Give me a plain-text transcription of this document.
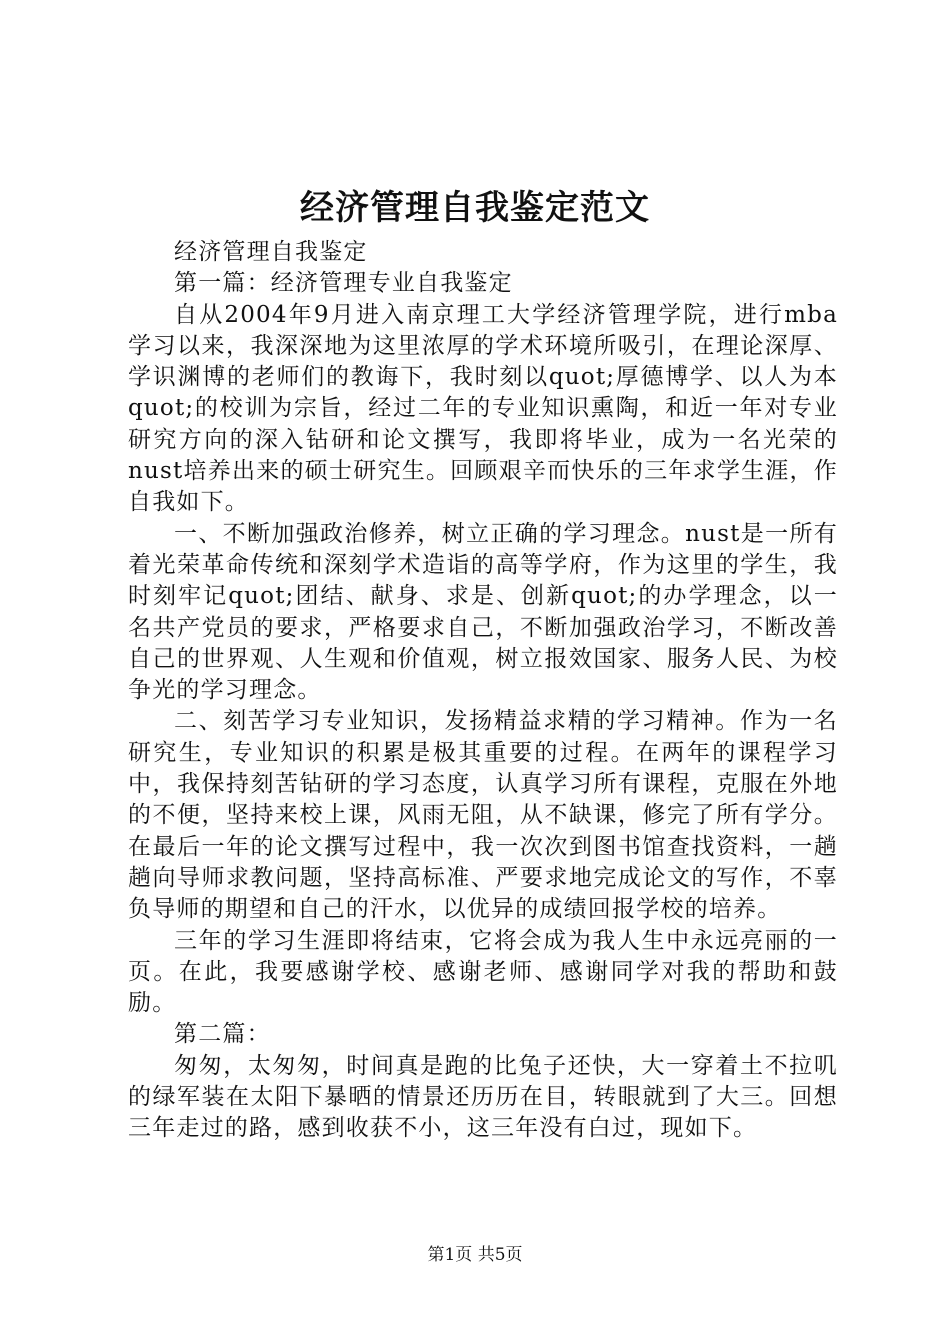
经济管理自我鉴定范文

经济管理自我鉴定

第一篇：经济管理专业自我鉴定

自从2004年9月进入南京理工大学经济管理学院，进行mba学习以来，我深深地为这里浓厚的学术环境所吸引，在理论深厚、学识渊博的老师们的教诲下，我时刻以quot;厚德博学、以人为本quot;的校训为宗旨，经过二年的专业知识熏陶，和近一年对专业研究方向的深入钻研和论文撰写，我即将毕业，成为一名光荣的nust培养出来的硕士研究生。回顾艰辛而快乐的三年求学生涯，作自我如下。

一、不断加强政治修养，树立正确的学习理念。nust是一所有着光荣革命传统和深刻学术造诣的高等学府，作为这里的学生，我时刻牢记quot;团结、献身、求是、创新quot;的办学理念，以一名共产党员的要求，严格要求自己，不断加强政治学习，不断改善自己的世界观、人生观和价值观，树立报效国家、服务人民、为校争光的学习理念。

二、刻苦学习专业知识，发扬精益求精的学习精神。作为一名研究生，专业知识的积累是极其重要的过程。在两年的课程学习中，我保持刻苦钻研的学习态度，认真学习所有课程，克服在外地的不便，坚持来校上课，风雨无阻，从不缺课，修完了所有学分。在最后一年的论文撰写过程中，我一次次到图书馆查找资料，一趟趟向导师求教问题，坚持高标准、严要求地完成论文的写作，不辜负导师的期望和自己的汗水，以优异的成绩回报学校的培养。

三年的学习生涯即将结束，它将会成为我人生中永远亮丽的一页。在此，我要感谢学校、感谢老师、感谢同学对我的帮助和鼓励。

第二篇：

匆匆，太匆匆，时间真是跑的比兔子还快，大一穿着土不拉叽的绿军装在太阳下暴晒的情景还历历在目，转眼就到了大三。回想三年走过的路，感到收获不小，这三年没有白过，现如下。

第1页 共5页
